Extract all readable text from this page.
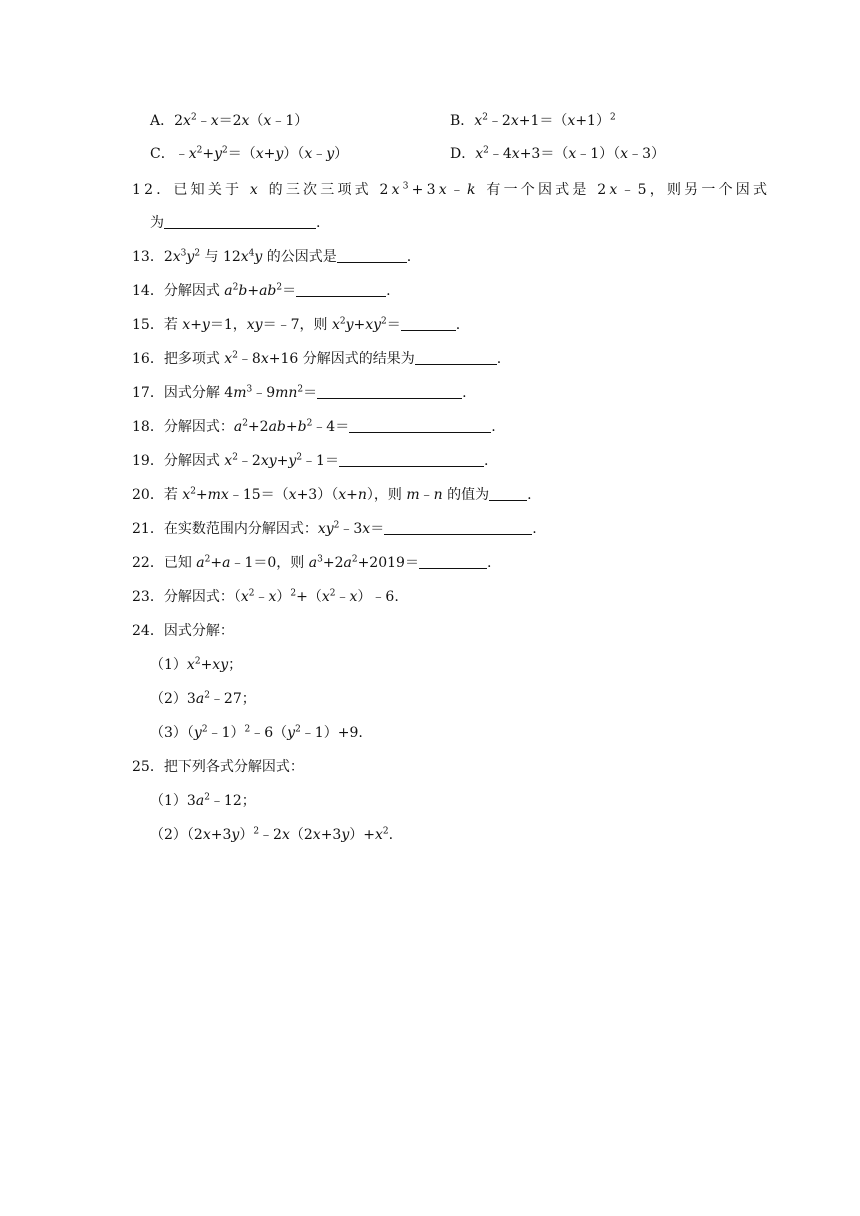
A．$2x^2﹣x=2x(x﹣1)$	B．$x^2﹣2x+1=(x+1)^2$
C．$﹣x^2+y^2=(x+y)(x﹣y)$	D．$x^2﹣4x+3=(x﹣1)(x﹣3)$
12．已知关于 x 的三次三项式 $2x^3+3x﹣k$ 有一个因式是 2x﹣5，则另一个因式
为	.
13．$2x^3y^2$ 与 $12x^4y$ 的公因式是	.
14．分解因式 $a^2b+ab^2=$	.
15．若 x+y＝1，xy＝﹣7，则 $x^2y+xy^2=$	.
16．把多项式 $x^2﹣8x+16$ 分解因式的结果为	.
17．因式分解 $4m^3﹣9mn^2=$	.
18．分解因式：$a^2+2ab+b^2﹣4=$	.
19．分解因式 $x^2﹣2xy+y^2﹣1=$	.
20．若 $x^2+mx﹣15=(x+3)(x+n)$，则 m﹣n 的值为	.
21．在实数范围内分解因式：$xy^2﹣3x=$	.
22．已知 $a^2+a﹣1=0$，则 $a^3+2a^2+2019=$	.
23．分解因式：$(x^2﹣x)^2+(x^2﹣x)﹣6$.
24．因式分解：
$(1)x^2+xy$；
$(2)3a^2﹣27$；
$(3)(y^2﹣1)^2﹣6(y^2﹣1)+9$.
25．把下列各式分解因式：
$(1)3a^2﹣12$；
$(2)(2x+3y)^2﹣2x(2x+3y)+x^2$.
